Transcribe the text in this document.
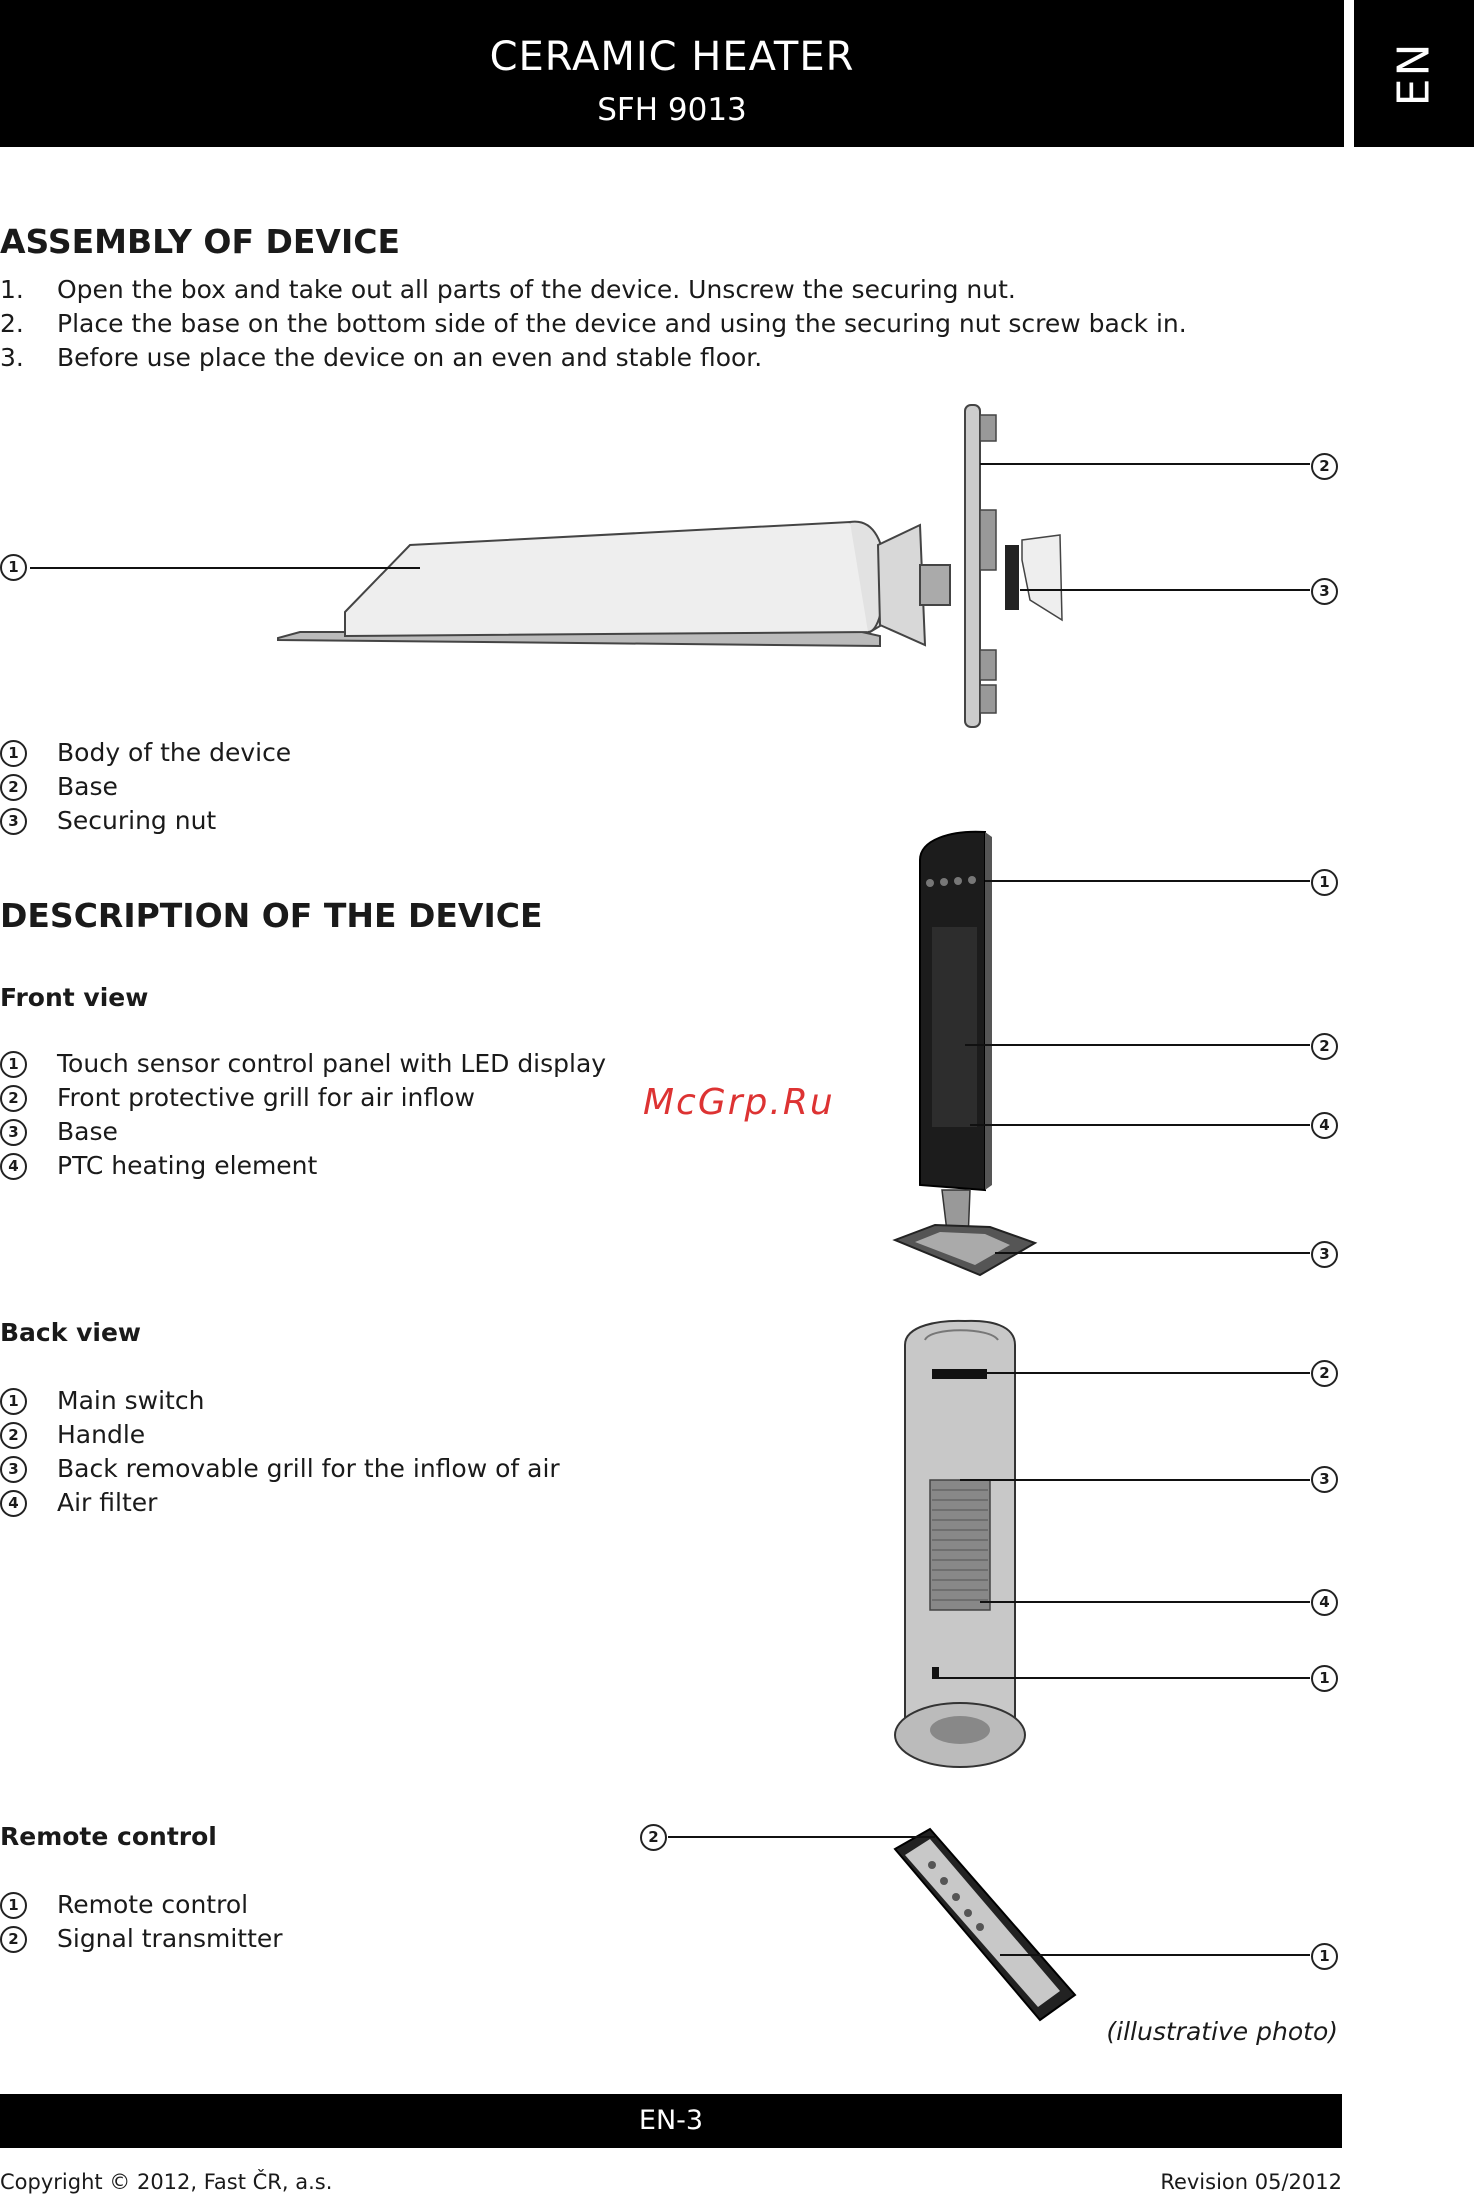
CERAMIC HEATER
SFH 9013
EN
ASSEMBLY OF DEVICE
1.	Open the box and take out all parts of the device. Unscrew the securing nut.
2.	Place the base on the bottom side of the device and using the securing nut screw back in.
3.	Before use place the device on an even and stable floor.
1
2
3
1	Body of the device
2	Base
3	Securing nut
DESCRIPTION OF THE DEVICE
Front view
1	Touch sensor control panel with LED display
2	Front protective grill for air inflow
3	Base
4	PTC heating element
1
2
4
3
McGrp.Ru
Back view
1	Main switch
2	Handle
3	Back removable grill for the inflow of air
4	Air filter
2
3
4
1
Remote control
1	Remote control
2	Signal transmitter
2
1
(illustrative photo)
EN-3
Copyright © 2012, Fast ČR, a.s.	Revision 05/2012
